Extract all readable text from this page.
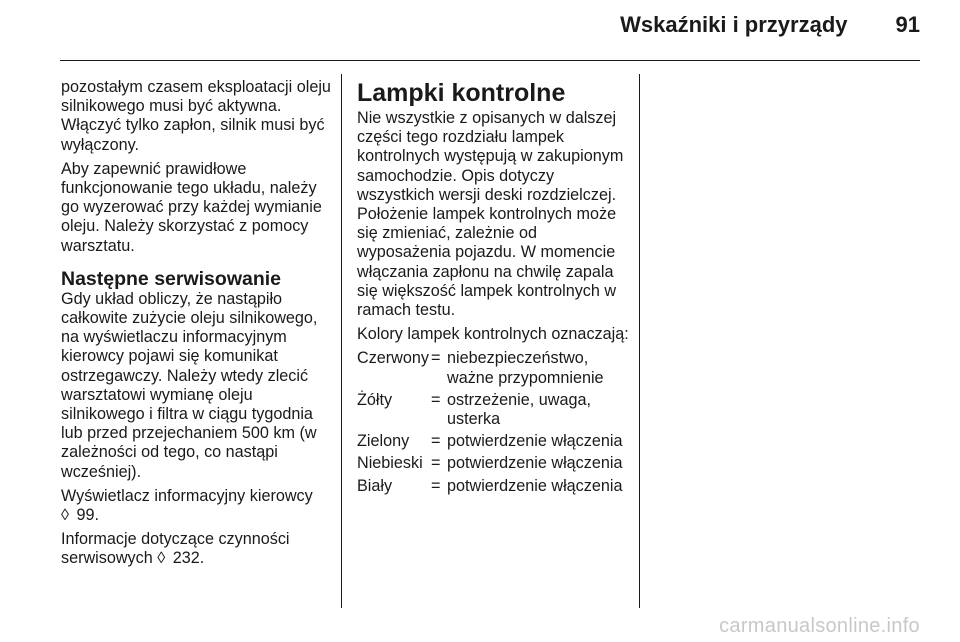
Wskaźniki i przyrządy 91

pozostałym czasem eksploatacji oleju silnikowego musi być aktywna. Włączyć tylko zapłon, silnik musi być wyłączony.

Aby zapewnić prawidłowe funkcjonowanie tego układu, należy go wyzerować przy każdej wymianie oleju. Należy skorzystać z pomocy warsztatu.

Następne serwisowanie

Gdy układ obliczy, że nastąpiło całkowite zużycie oleju silnikowego, na wyświetlaczu informacyjnym kierowcy pojawi się komunikat ostrzegawczy. Należy wtedy zlecić warsztatowi wymianę oleju silnikowego i filtra w ciągu tygodnia lub przed przejechaniem 500 km (w zależności od tego, co nastąpi wcześniej).

Wyświetlacz informacyjny kierowcy ◊ 99.

Informacje dotyczące czynności serwisowych ◊ 232.

Lampki kontrolne

Nie wszystkie z opisanych w dalszej części tego rozdziału lampek kontrolnych występują w zakupionym samochodzie. Opis dotyczy wszystkich wersji deski rozdzielczej. Położenie lampek kontrolnych może się zmieniać, zależnie od wyposażenia pojazdu. W momencie włączania zapłonu na chwilę zapala się większość lampek kontrolnych w ramach testu.

Kolory lampek kontrolnych oznaczają:

Czerwony	=	niebezpieczeństwo, ważne przypomnienie
Żółty	=	ostrzeżenie, uwaga, usterka
Zielony	=	potwierdzenie włączenia
Niebieski	=	potwierdzenie włączenia
Biały	=	potwierdzenie włączenia
carmanualsonline.info
